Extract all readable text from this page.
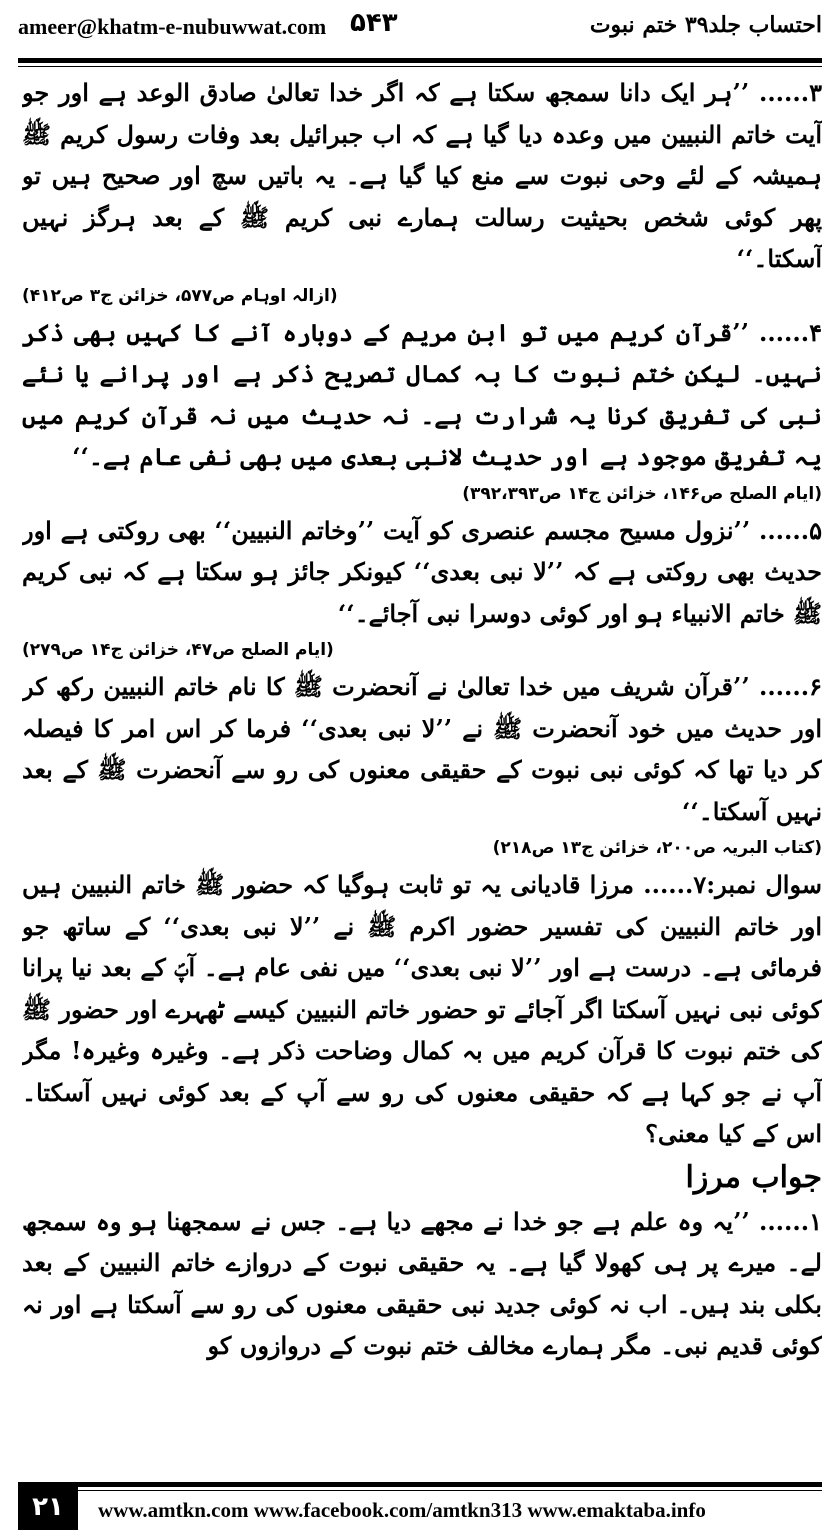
ameer@khatm-e-nubuwwat.com ۵۴۳	احتساب جلد۳۹ ختم نبوت

۳...... ’’ہر ایک دانا سمجھ سکتا ہے کہ اگر خدا تعالیٰ صادق الوعد ہے اور جو آیت خاتم النبیین میں وعدہ دیا گیا ہے کہ اب جبرائیل بعد وفات رسول کریم ﷺ ہمیشہ کے لئے وحی نبوت سے منع کیا گیا ہے۔ یہ باتیں سچ اور صحیح ہیں تو پھر کوئی شخص بحیثیت رسالت ہمارے نبی کریم ﷺ کے بعد ہرگز نہیں آسکتا۔‘‘

(ازالہ اوہام ص۵۷۷، خزائن ج۳ ص۴۱۲)

۴...... ’’قرآن کریم میں تو ابن مریم کے دوبارہ آنے کا کہیں بھی ذکر نہیں۔ لیکن ختم نبوت کا بہ کمال تصریح ذکر ہے اور پرانے یا نئے نبی کی تفریق کرنا یہ شرارت ہے۔ نہ حدیث میں نہ قرآن کریم میں یہ تفریق موجود ہے اور حدیث لانبی بعدی میں بھی نفی عام ہے۔‘‘

(ایام الصلح ص۱۴۶، خزائن ج۱۴ ص۳۹۲،۳۹۳)

۵...... ’’نزول مسیح مجسم عنصری کو آیت ’’وخاتم النبیین‘‘ بھی روکتی ہے اور حدیث بھی روکتی ہے کہ ’’لا نبی بعدی‘‘ کیونکر جائز ہو سکتا ہے کہ نبی کریم ﷺ خاتم الانبیاء ہو اور کوئی دوسرا نبی آجائے۔‘‘

(ایام الصلح ص۴۷، خزائن ج۱۴ ص۲۷۹)

۶...... ’’قرآن شریف میں خدا تعالیٰ نے آنحضرت ﷺ کا نام خاتم النبیین رکھ کر اور حدیث میں خود آنحضرت ﷺ نے ’’لا نبی بعدی‘‘ فرما کر اس امر کا فیصلہ کر دیا تھا کہ کوئی نبی نبوت کے حقیقی معنوں کی رو سے آنحضرت ﷺ کے بعد نہیں آسکتا۔‘‘

(کتاب البریہ ص۲۰۰، خزائن ج۱۳ ص۲۱۸)

سوال نمبر:۷...... مرزا قادیانی یہ تو ثابت ہوگیا کہ حضور ﷺ خاتم النبیین ہیں اور خاتم النبیین کی تفسیر حضور اکرم ﷺ نے ’’لا نبی بعدی‘‘ کے ساتھ جو فرمائی ہے۔ درست ہے اور ’’لا نبی بعدی‘‘ میں نفی عام ہے۔ آپؐ کے بعد نیا پرانا کوئی نبی نہیں آسکتا اگر آجائے تو حضور خاتم النبیین کیسے ٹھہرے اور حضور ﷺ کی ختم نبوت کا قرآن کریم میں بہ کمال وضاحت ذکر ہے۔ وغیرہ وغیرہ! مگر آپ نے جو کہا ہے کہ حقیقی معنوں کی رو سے آپ کے بعد کوئی نہیں آسکتا۔ اس کے کیا معنی؟

جواب مرزا

۱...... ’’یہ وہ علم ہے جو خدا نے مجھے دیا ہے۔ جس نے سمجھنا ہو وہ سمجھ لے۔ میرے پر ہی کھولا گیا ہے۔ یہ حقیقی نبوت کے دروازے خاتم النبیین کے بعد بکلی بند ہیں۔ اب نہ کوئی جدید نبی حقیقی معنوں کی رو سے آسکتا ہے اور نہ کوئی قدیم نبی۔ مگر ہمارے مخالف ختم نبوت کے دروازوں کو

۲۱	www.amtkn.com www.facebook.com/amtkn313 www.emaktaba.info
